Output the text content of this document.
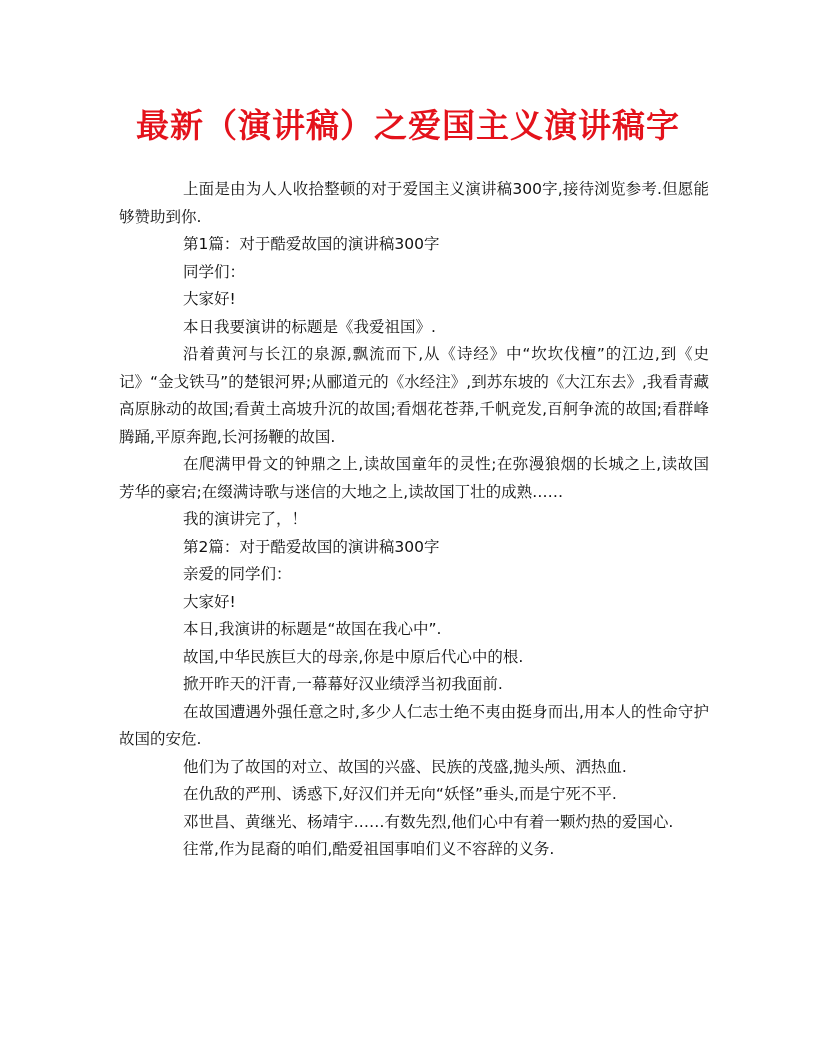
最新（演讲稿）之爱国主义演讲稿字

上面是由为人人收拾整顿的对于爱国主义演讲稿300字,接待浏览参考.但愿能够赞助到你.

第1篇：对于酷爱故国的演讲稿300字

同学们：

大家好!

本日我要演讲的标题是《我爱祖国》.

沿着黄河与长江的泉源,飘流而下,从《诗经》中“坎坎伐檀”的江边,到《史记》“金戈铁马”的楚银河界;从郦道元的《水经注》,到苏东坡的《大江东去》,我看青藏高原脉动的故国;看黄土高坡升沉的故国;看烟花苍莽,千帆竞发,百舸争流的故国;看群峰腾踊,平原奔跑,长河扬鞭的故国.

在爬满甲骨文的钟鼎之上,读故国童年的灵性;在弥漫狼烟的长城之上,读故国芳华的豪宕;在缀满诗歌与迷信的大地之上,读故国丁壮的成熟……

我的演讲完了，！

第2篇：对于酷爱故国的演讲稿300字

亲爱的同学们：

大家好!

本日,我演讲的标题是“故国在我心中”.

故国,中华民族巨大的母亲,你是中原后代心中的根.

掀开昨天的汗青,一幕幕好汉业绩浮当初我面前.

在故国遭遇外强任意之时,多少人仁志士绝不夷由挺身而出,用本人的性命守护故国的安危.

他们为了故国的对立、故国的兴盛、民族的茂盛,抛头颅、洒热血.

在仇敌的严刑、诱惑下,好汉们并无向“妖怪”垂头,而是宁死不平.

邓世昌、黄继光、杨靖宇……有数先烈,他们心中有着一颗灼热的爱国心.

往常,作为昆裔的咱们,酷爱祖国事咱们义不容辞的义务.
